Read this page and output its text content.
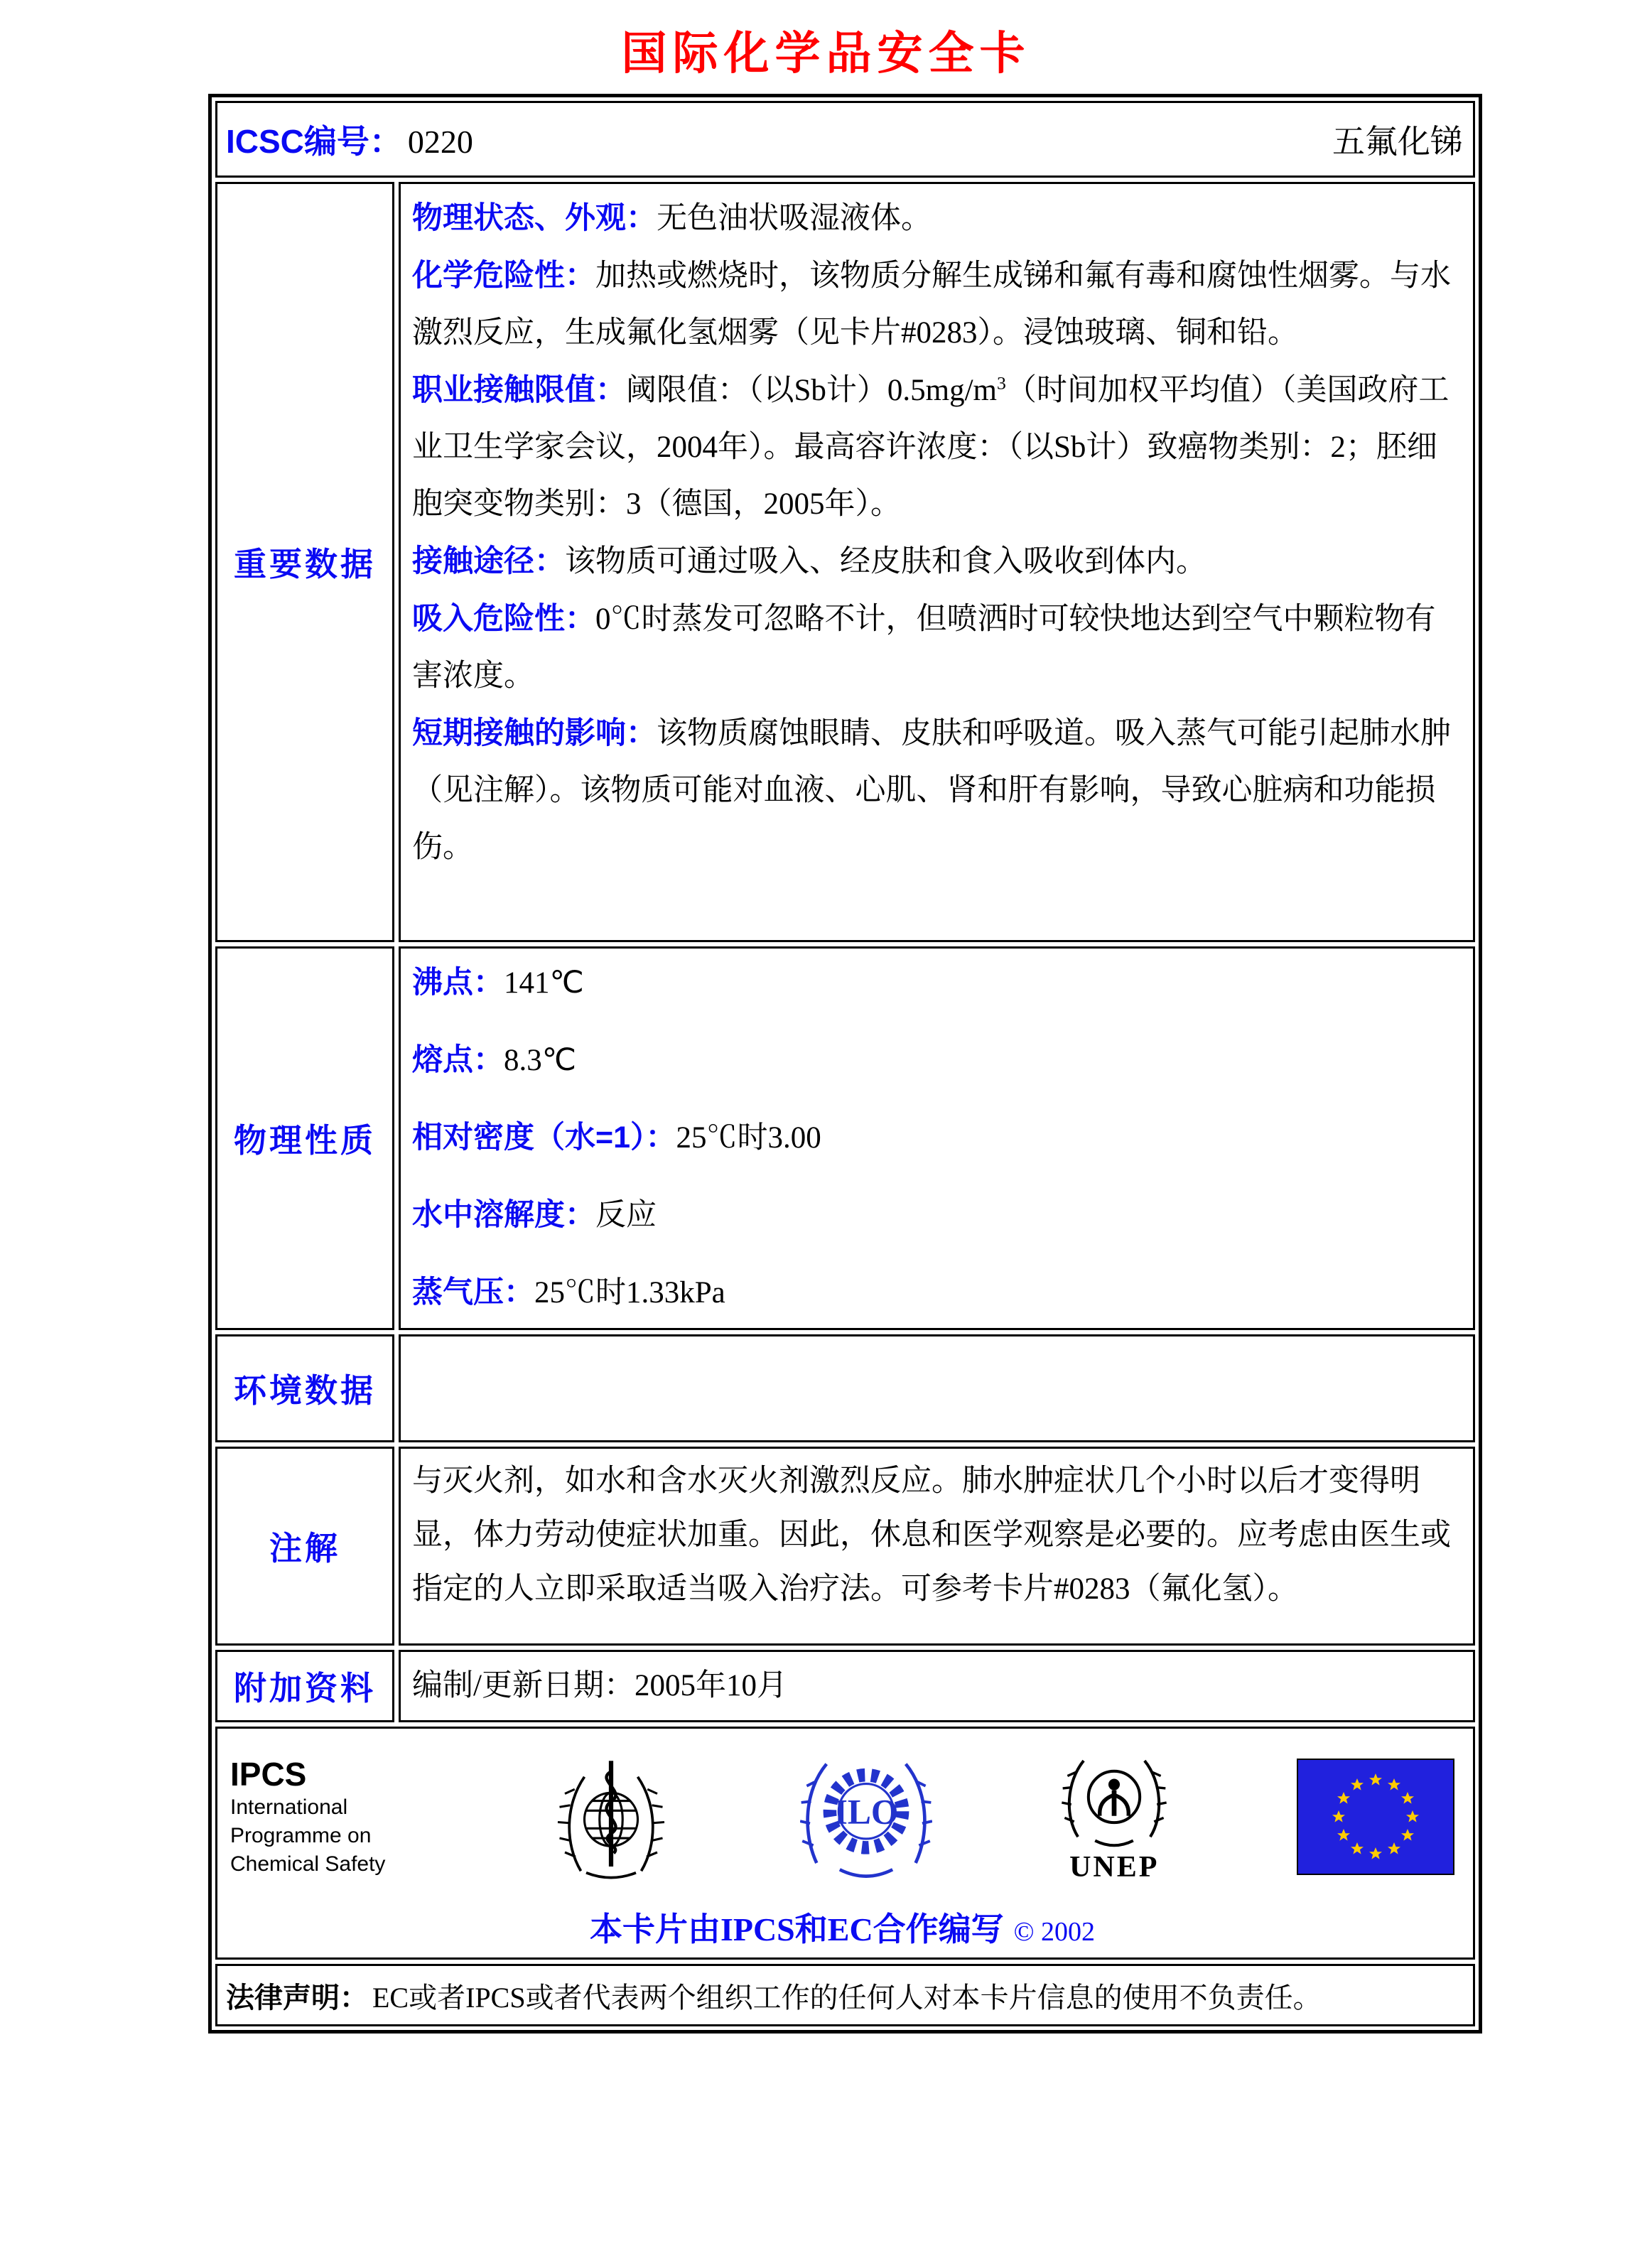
国际化学品安全卡
ICSC编号： 0220	五氟化锑
重要数据

物理状态、外观：无色油状吸湿液体。

化学危险性：加热或燃烧时，该物质分解生成锑和氟有毒和腐蚀性烟雾。与水激烈反应，生成氟化氢烟雾（见卡片#0283）。浸蚀玻璃、铜和铅。

职业接触限值：阈限值：（以Sb计）$0.5mg/m^3$（时间加权平均值）（美国政府工业卫生学家会议，2004年）。最高容许浓度：（以Sb计）致癌物类别：2；胚细胞突变物类别：3（德国，2005年）。

接触途径：该物质可通过吸入、经皮肤和食入吸收到体内。

吸入危险性：0℃时蒸发可忽略不计，但喷洒时可较快地达到空气中颗粒物有害浓度。

短期接触的影响：该物质腐蚀眼睛、皮肤和呼吸道。吸入蒸气可能引起肺水肿（见注解）。该物质可能对血液、心肌、肾和肝有影响，导致心脏病和功能损伤。

物理性质

沸点：141℃

熔点：8.3℃

相对密度（水=1）：25℃时3.00

水中溶解度：反应

蒸气压：25℃时1.33kPa

环境数据
注解

与灭火剂，如水和含水灭火剂激烈反应。肺水肿症状几个小时以后才变得明显，体力劳动使症状加重。因此，休息和医学观察是必要的。应考虑由医生或指定的人立即采取适当吸入治疗法。可参考卡片#0283（氟化氢）。

附加资料	编制/更新日期：2005年10月
IPCS
International
Programme on
Chemical Safety
ILO
UNEP
本卡片由IPCS和EC合作编写 © 2002
法律声明： EC或者IPCS或者代表两个组织工作的任何人对本卡片信息的使用不负责任。
